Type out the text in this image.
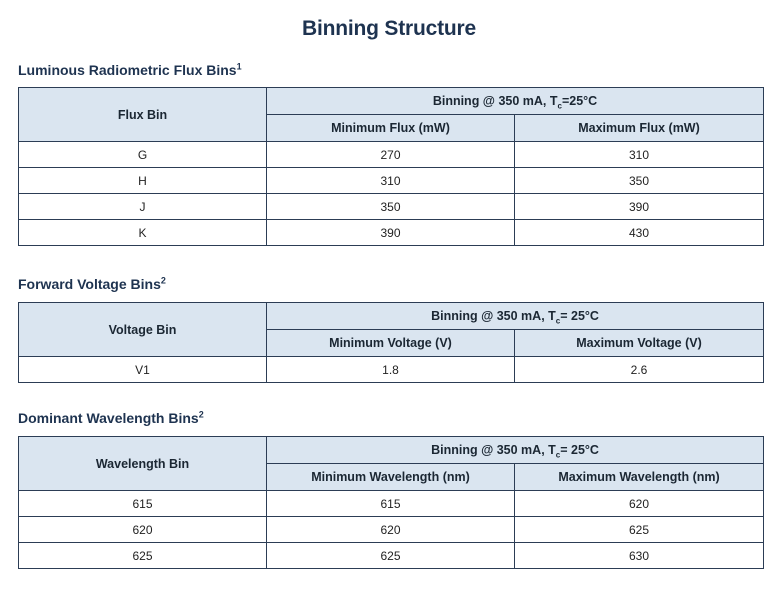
Binning Structure
Luminous Radiometric Flux Bins$^1$
Flux Bin	Binning @ 350 mA, $T_c=25^\circ C$	
	Minimum Flux (mW)	Maximum Flux (mW)
G	270	310
H	310	350
J	350	390
K	390	430
Forward Voltage Bins$^2$
Voltage Bin	Binning @ 350 mA, $T_c= 25^\circ C$	
	Minimum Voltage (V)	Maximum Voltage (V)
V1	1.8	2.6
Dominant Wavelength Bins$^2$
Wavelength Bin	Binning @ 350 mA, $T_c= 25^\circ C$	
	Minimum Wavelength (nm)	Maximum Wavelength (nm)
615	615	620
620	620	625
625	625	630
